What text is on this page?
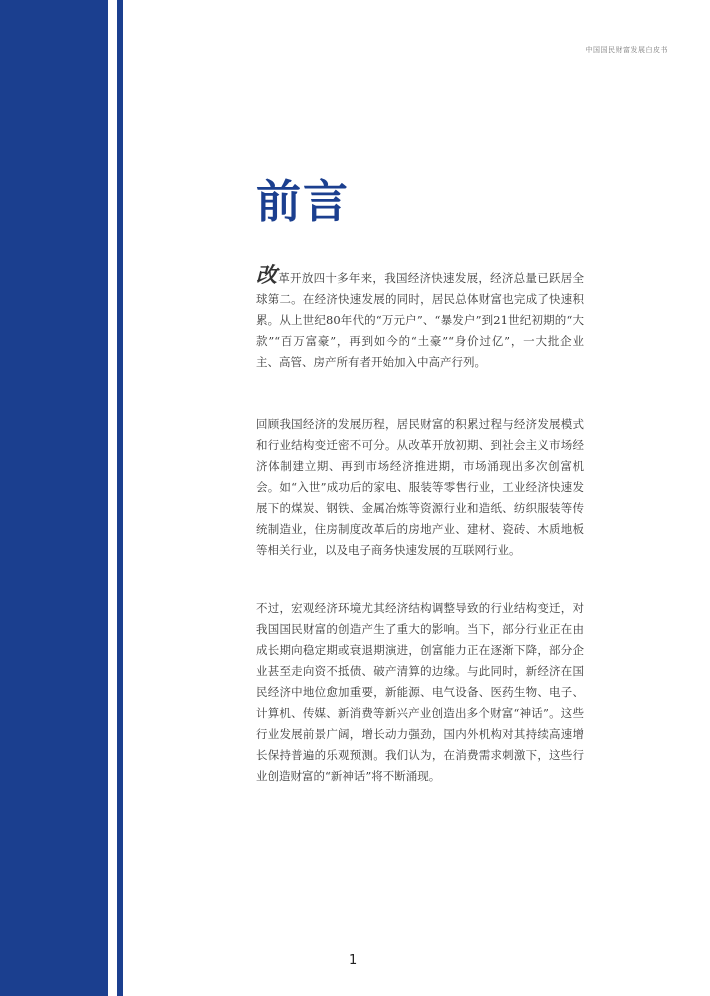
中国国民财富发展白皮书
前言

改革开放四十多年来，我国经济快速发展，经济总量已跃居全球第二。在经济快速发展的同时，居民总体财富也完成了快速积累。从上世纪80年代的“万元户”、“暴发户”到21世纪初期的“大款”“百万富豪”，再到如今的“土豪”“身价过亿”，一大批企业主、高管、房产所有者开始加入中高产行列。

回顾我国经济的发展历程，居民财富的积累过程与经济发展模式和行业结构变迁密不可分。从改革开放初期、到社会主义市场经济体制建立期、再到市场经济推进期，市场涌现出多次创富机会。如“入世”成功后的家电、服装等零售行业，工业经济快速发展下的煤炭、钢铁、金属冶炼等资源行业和造纸、纺织服装等传统制造业，住房制度改革后的房地产业、建材、瓷砖、木质地板等相关行业，以及电子商务快速发展的互联网行业。

不过，宏观经济环境尤其经济结构调整导致的行业结构变迁，对我国国民财富的创造产生了重大的影响。当下，部分行业正在由成长期向稳定期或衰退期演进，创富能力正在逐渐下降，部分企业甚至走向资不抵债、破产清算的边缘。与此同时，新经济在国民经济中地位愈加重要，新能源、电气设备、医药生物、电子、计算机、传媒、新消费等新兴产业创造出多个财富“神话”。这些行业发展前景广阔，增长动力强劲，国内外机构对其持续高速增长保持普遍的乐观预测。我们认为，在消费需求刺激下，这些行业创造财富的“新神话”将不断涌现。

1
